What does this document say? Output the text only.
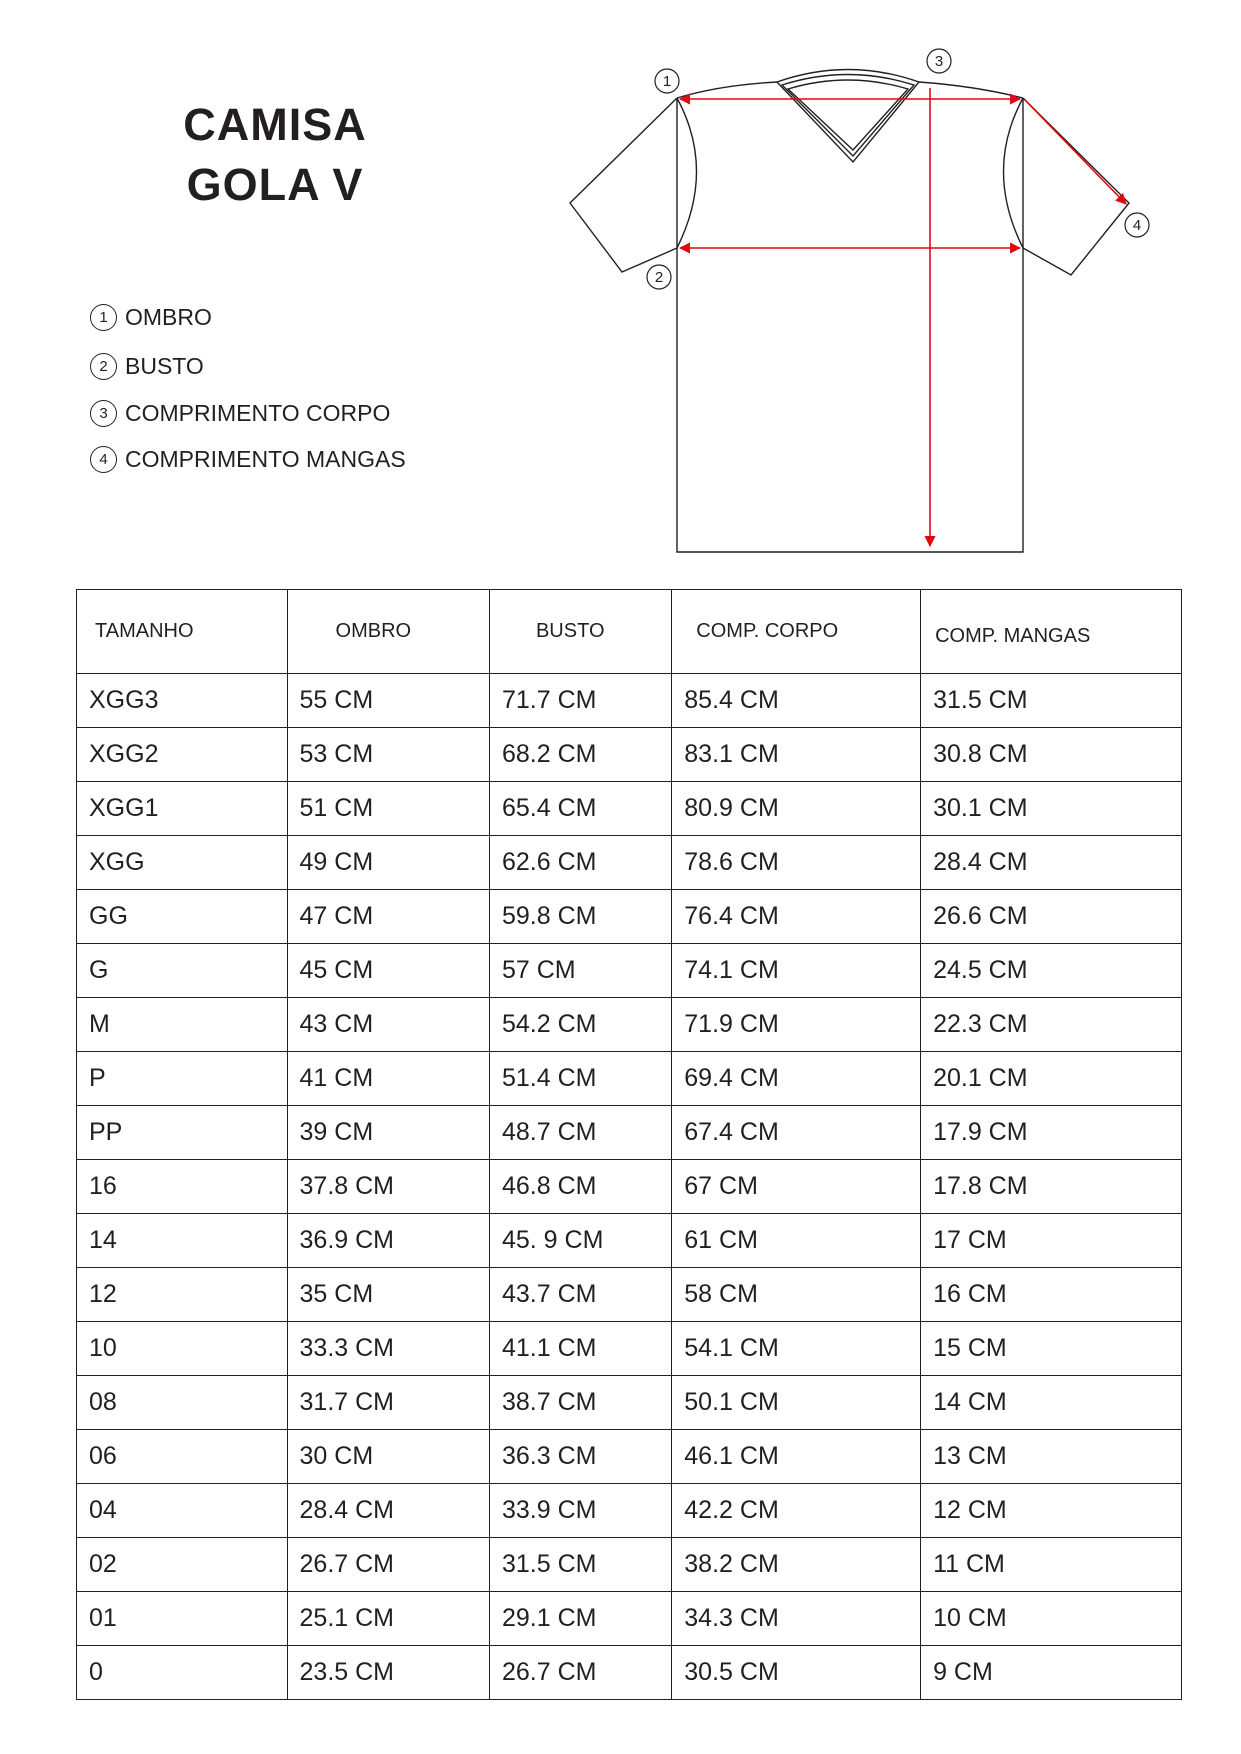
CAMISA
GOLA V
1 OMBRO
2 BUSTO
3 COMPRIMENTO CORPO
4 COMPRIMENTO MANGAS
1
2
3
4
TAMANHO	OMBRO	BUSTO	COMP. CORPO	COMP. MANGAS
XGG3	55 CM	71.7 CM	85.4 CM	31.5 CM
XGG2	53 CM	68.2 CM	83.1 CM	30.8 CM
XGG1	51 CM	65.4 CM	80.9 CM	30.1 CM
XGG	49 CM	62.6 CM	78.6 CM	28.4 CM
GG	47 CM	59.8 CM	76.4 CM	26.6 CM
G	45 CM	57 CM	74.1 CM	24.5 CM
M	43 CM	54.2 CM	71.9 CM	22.3 CM
P	41 CM	51.4 CM	69.4 CM	20.1 CM
PP	39 CM	48.7 CM	67.4 CM	17.9 CM
16	37.8 CM	46.8 CM	67 CM	17.8 CM
14	36.9 CM	45. 9 CM	61 CM	17 CM
12	35 CM	43.7 CM	58 CM	16 CM
10	33.3 CM	41.1 CM	54.1 CM	15 CM
08	31.7 CM	38.7 CM	50.1 CM	14 CM
06	30 CM	36.3 CM	46.1 CM	13 CM
04	28.4 CM	33.9 CM	42.2 CM	12 CM
02	26.7 CM	31.5 CM	38.2 CM	11 CM
01	25.1 CM	29.1 CM	34.3 CM	10 CM
0	23.5 CM	26.7 CM	30.5 CM	9 CM
